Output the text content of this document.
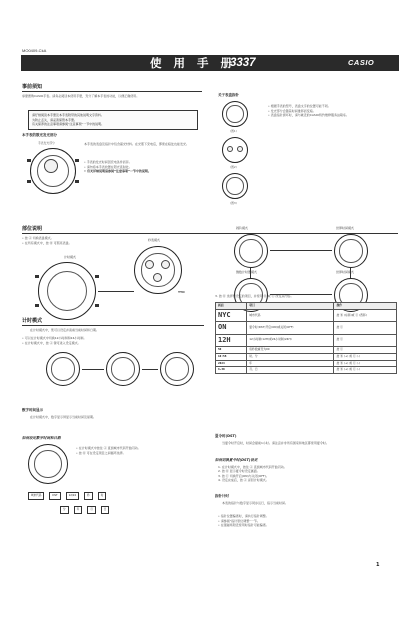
MO0409-CkA
使 用 手 册
3337	CASIO
事前须知
承蒙惠购CASIO手表。请务必阅读本使用手册，充分了解本手表的功能，以便正确使用。
请仔细阅读本手册及本手表附带的其他说明文字资料。
为防止丢失，请妥善保管本手册。
有关保养的注意事项请参阅“注意事项”一节中的说明。
本手表的散光发光部分
手表发光部分	本手表的表盘及指针中包含蓄光材料。在光照下充电后，即使在暗处也能发光。
• 手表的发光时间因充电条件而异。
• 请勿将本手表放置在阳光直射处。
• 有关详细说明请参阅“注意事项”一节中的说明。
关于表盘指针
(图1)
(图2)
(图3)
• 根据手表的型号，表盘文字的位置可能不同。
• 发光部分会随着时间推移而变暗。
• 表盘指针损坏时，请与就近的CASIO特约维修服务站联系。
部位说明
• 按 Ⓐ 切换表盘模式。
• 在所有模式中，按 Ⓑ 可照亮表盘。
计时模式
秒表模式
TYO
闹铃模式
倒数计时器模式
世界时间模式
世界时间模式
计时模式
在计时模式中，您可以设定并查看当前时间和日期。
• 可以在计时模式中切换12小时制和24小时制。
• 在计时模式中，按 Ⓐ 键可进入设定模式。
数字时间显示
在计时模式中，数字显示屏显示当前时间及星期。
如何设定数字时间和日期
• 在计时模式中按住 Ⓐ 直到城市代码开始闪动。
• 按 Ⓓ 可在设定项目之间循环选择。
城市代码	DST	12/24	秒	时
分	年	月	日
3. 按 Ⓓ 选择要设定的项目，并使用 Ⓑ 或 Ⓒ 改变其内容。
画面	项目	操作
NYC	城市代码	按 Ⓑ (东移)或 Ⓒ (西移)
ON	夏令时(DST)开启(ON)或关闭(OFF)	按 Ⓒ
12H	12小时制(12H)或24小时制(24H)	按 Ⓒ
50	将秒数重设为00	按 Ⓒ
10:58	时、分	按 Ⓑ (+) 或 Ⓒ (-)
2024	年	按 Ⓑ (+) 或 Ⓒ (-)
6-30	月、日	按 Ⓑ (+) 或 Ⓒ (-)
夏令时(DST)
当夏令时开启时，时间会提前1小时。请注意并非所有国家和地区都使用夏令时。
如何切换夏令时(DST)设定
1. 在计时模式中，按住 Ⓐ 直到城市代码开始闪动。
2. 按 Ⓓ 显示夏令时设定画面。
3. 按 Ⓒ 切换开启(ON)与关闭(OFF)。
4. 设定完成后，按 Ⓐ 返回计时模式。
指针计时
本表的指针与数字显示同步运行，指示当前时间。
• 指针位置偏离时，请执行指针调整。
• 请参阅“指针原位调整”一节。
• 在强磁场附近使用时指针可能偏离。
1
